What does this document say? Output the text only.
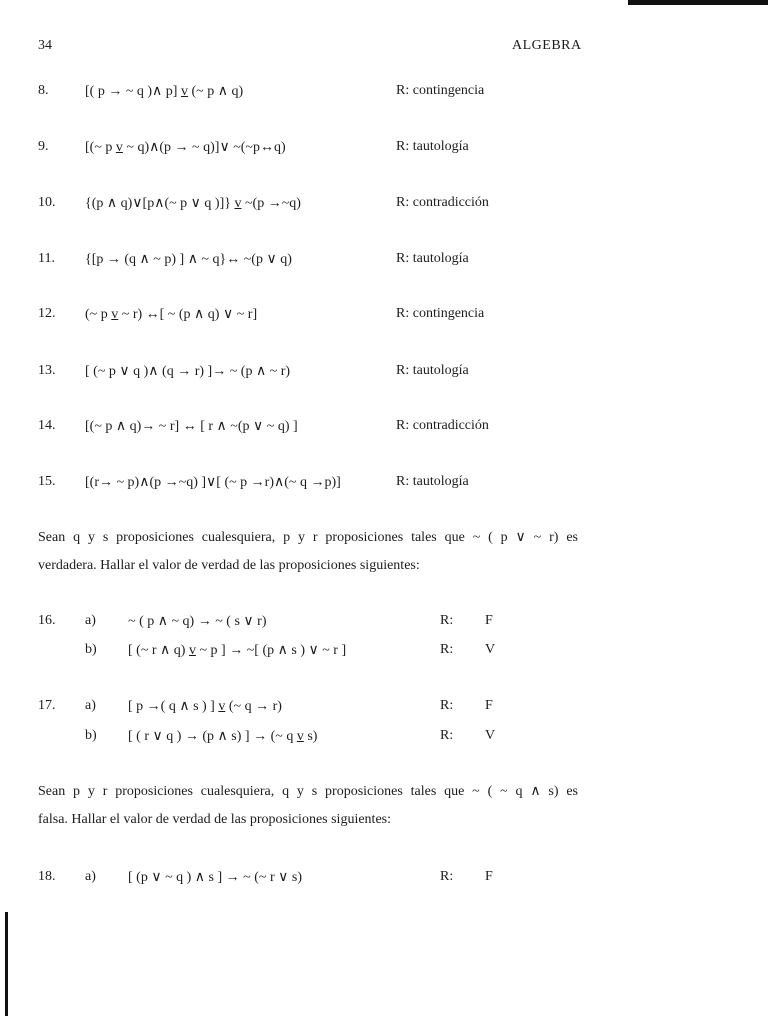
34	ALGEBRA
8.	[( p → ~ q )∧ p] v (~ p ∧ q)	R: contingencia
9.	[(~ p v ~ q)∧(p → ~ q)]∨ ~(~p↔q)	R: tautología
10. {(p ∧ q)∨[p∧(~ p ∨ q )]} v ~(p →~q)	R: contradicción
11. {[p → (q ∧ ~ p) ] ∧ ~ q}↔ ~(p ∨ q)	R: tautología
12. (~ p v ~ r) ↔[ ~ (p ∧ q) ∨ ~ r]	R: contingencia
13. [ (~ p ∨ q )∧ (q → r) ]→ ~ (p ∧ ~ r)	R: tautología
14. [(~ p ∧ q)→ ~ r] ↔ [ r ∧ ~(p ∨ ~ q) ]	R: contradicción
15. [(r→ ~ p)∧(p →~q) ]∨[ (~ p →r)∧(~ q →p)]	R: tautología
Sean q y s proposiciones cualesquiera, p y r proposiciones tales que ~ ( p ∨ ~ r) es
verdadera. Hallar el valor de verdad de las proposiciones siguientes:
16. a) ~ ( p ∧ ~ q) → ~ ( s ∨ r)	R: F
b) [ (~ r ∧ q) v ~ p ] → ~[ (p ∧ s ) ∨ ~ r ]	R: V
17. a) [ p →( q ∧ s ) ] v (~ q → r)	R: F
b) [ ( r ∨ q ) → (p ∧ s) ] → (~ q v s)	R: V
Sean p y r proposiciones cualesquiera, q y s proposiciones tales que ~ ( ~ q ∧ s) es
falsa. Hallar el valor de verdad de las proposiciones siguientes:
18. a) [ (p ∨ ~ q ) ∧ s ] → ~ (~ r ∨ s)	R: F
